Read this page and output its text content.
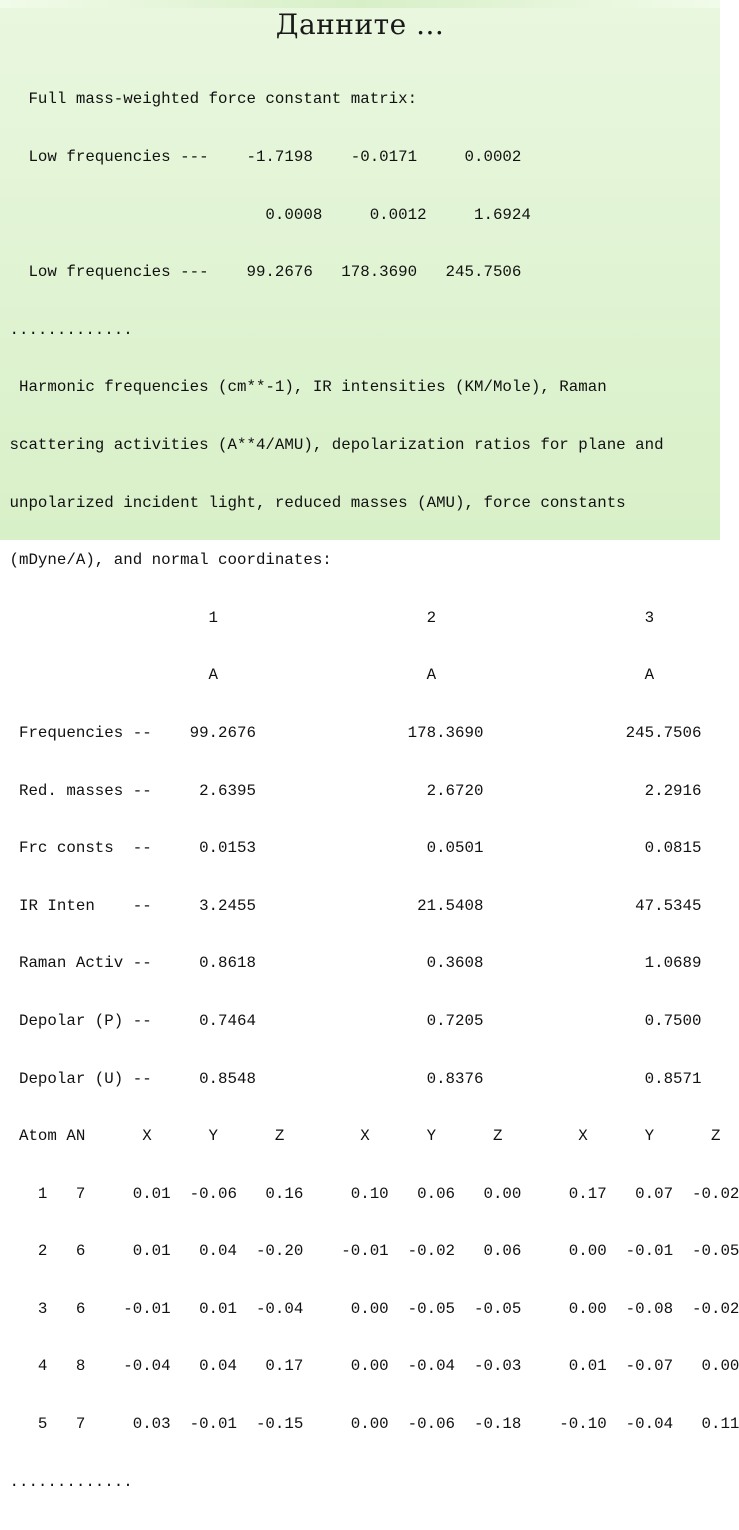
Данните ...

Full mass-weighted force constant matrix:

Low frequencies ---    -1.7198    -0.0171     0.0002

0.0008     0.0012     1.6924

Low frequencies ---    99.2676   178.3690   245.7506

.............

Harmonic frequencies (cm**-1), IR intensities (KM/Mole), Raman

scattering activities (A**4/AMU), depolarization ratios for plane and

unpolarized incident light, reduced masses (AMU), force constants

(mDyne/A), and normal coordinates:

1                      2                      3

A                      A                      A

Frequencies --    99.2676                178.3690               245.7506

Red. masses --     2.6395                  2.6720                 2.2916

Frc consts  --     0.0153                  0.0501                 0.0815

IR Inten    --     3.2455                 21.5408                47.5345

Raman Activ --     0.8618                  0.3608                 1.0689

Depolar (P) --     0.7464                  0.7205                 0.7500

Depolar (U) --     0.8548                  0.8376                 0.8571

Atom AN      X      Y      Z        X      Y      Z        X      Y      Z

1   7     0.01  -0.06   0.16     0.10   0.06   0.00     0.17   0.07  -0.02

2   6     0.01   0.04  -0.20    -0.01  -0.02   0.06     0.00  -0.01  -0.05

3   6    -0.01   0.01  -0.04     0.00  -0.05  -0.05     0.00  -0.08  -0.02

4   8    -0.04   0.04   0.17     0.00  -0.04  -0.03     0.01  -0.07   0.00

5   7     0.03  -0.01  -0.15     0.00  -0.06  -0.18    -0.10  -0.04   0.11

.............
